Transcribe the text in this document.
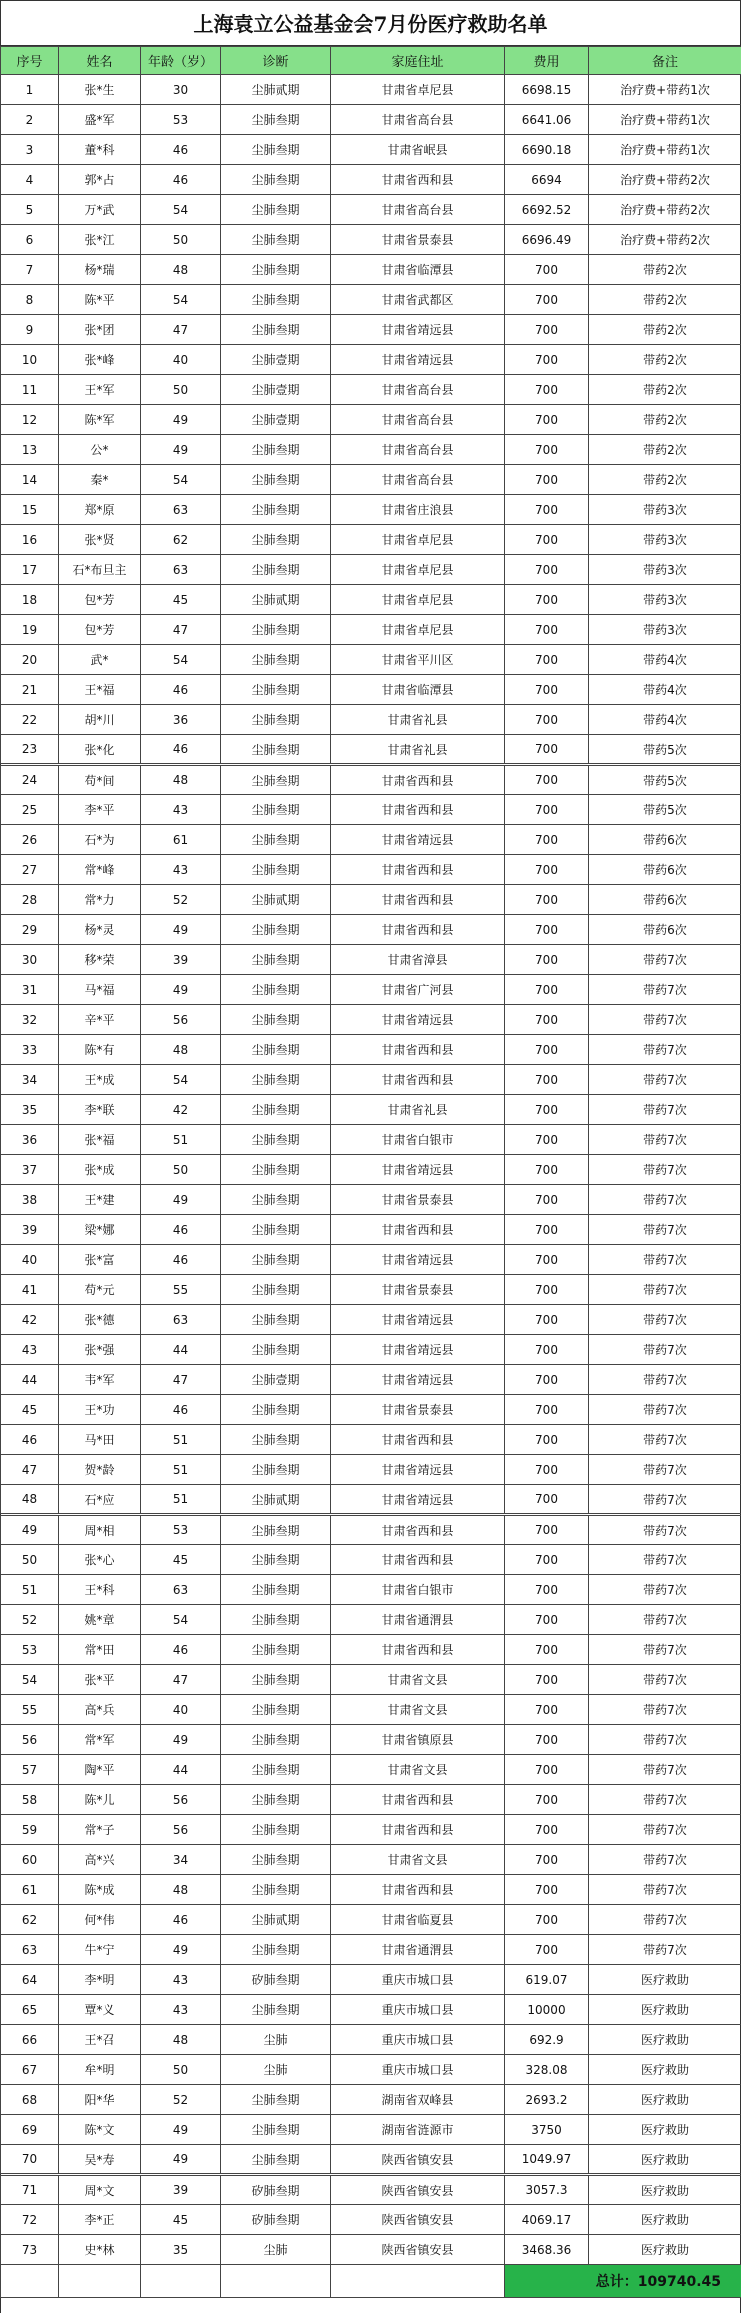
上海袁立公益基金会7月份医疗救助名单
序号	姓名	年龄（岁）	诊断	家庭住址	费用	备注
1	张*生	30	尘肺贰期	甘肃省卓尼县	6698.15	治疗费+带药1次
2	盛*军	53	尘肺叁期	甘肃省高台县	6641.06	治疗费+带药1次
3	董*科	46	尘肺叁期	甘肃省岷县	6690.18	治疗费+带药1次
4	郭*占	46	尘肺叁期	甘肃省西和县	6694	治疗费+带药2次
5	万*武	54	尘肺叁期	甘肃省高台县	6692.52	治疗费+带药2次
6	张*江	50	尘肺叁期	甘肃省景泰县	6696.49	治疗费+带药2次
7	杨*瑞	48	尘肺叁期	甘肃省临潭县	700	带药2次
8	陈*平	54	尘肺叁期	甘肃省武都区	700	带药2次
9	张*团	47	尘肺叁期	甘肃省靖远县	700	带药2次
10	张*峰	40	尘肺壹期	甘肃省靖远县	700	带药2次
11	王*军	50	尘肺壹期	甘肃省高台县	700	带药2次
12	陈*军	49	尘肺壹期	甘肃省高台县	700	带药2次
13	公*	49	尘肺叁期	甘肃省高台县	700	带药2次
14	秦*	54	尘肺叁期	甘肃省高台县	700	带药2次
15	郑*原	63	尘肺叁期	甘肃省庄浪县	700	带药3次
16	张*贤	62	尘肺叁期	甘肃省卓尼县	700	带药3次
17	石*布旦主	63	尘肺叁期	甘肃省卓尼县	700	带药3次
18	包*芳	45	尘肺贰期	甘肃省卓尼县	700	带药3次
19	包*芳	47	尘肺叁期	甘肃省卓尼县	700	带药3次
20	武*	54	尘肺叁期	甘肃省平川区	700	带药4次
21	王*福	46	尘肺叁期	甘肃省临潭县	700	带药4次
22	胡*川	36	尘肺叁期	甘肃省礼县	700	带药4次
23	张*化	46	尘肺叁期	甘肃省礼县	700	带药5次
24	苟*间	48	尘肺叁期	甘肃省西和县	700	带药5次
25	李*平	43	尘肺叁期	甘肃省西和县	700	带药5次
26	石*为	61	尘肺叁期	甘肃省靖远县	700	带药6次
27	常*峰	43	尘肺叁期	甘肃省西和县	700	带药6次
28	常*力	52	尘肺贰期	甘肃省西和县	700	带药6次
29	杨*灵	49	尘肺叁期	甘肃省西和县	700	带药6次
30	移*荣	39	尘肺叁期	甘肃省漳县	700	带药7次
31	马*福	49	尘肺叁期	甘肃省广河县	700	带药7次
32	辛*平	56	尘肺叁期	甘肃省靖远县	700	带药7次
33	陈*有	48	尘肺叁期	甘肃省西和县	700	带药7次
34	王*成	54	尘肺叁期	甘肃省西和县	700	带药7次
35	李*联	42	尘肺叁期	甘肃省礼县	700	带药7次
36	张*福	51	尘肺叁期	甘肃省白银市	700	带药7次
37	张*成	50	尘肺叁期	甘肃省靖远县	700	带药7次
38	王*建	49	尘肺叁期	甘肃省景泰县	700	带药7次
39	梁*娜	46	尘肺叁期	甘肃省西和县	700	带药7次
40	张*富	46	尘肺叁期	甘肃省靖远县	700	带药7次
41	苟*元	55	尘肺叁期	甘肃省景泰县	700	带药7次
42	张*德	63	尘肺叁期	甘肃省靖远县	700	带药7次
43	张*强	44	尘肺叁期	甘肃省靖远县	700	带药7次
44	韦*军	47	尘肺壹期	甘肃省靖远县	700	带药7次
45	王*功	46	尘肺叁期	甘肃省景泰县	700	带药7次
46	马*田	51	尘肺叁期	甘肃省西和县	700	带药7次
47	贺*龄	51	尘肺叁期	甘肃省靖远县	700	带药7次
48	石*应	51	尘肺贰期	甘肃省靖远县	700	带药7次
49	周*相	53	尘肺叁期	甘肃省西和县	700	带药7次
50	张*心	45	尘肺叁期	甘肃省西和县	700	带药7次
51	王*科	63	尘肺叁期	甘肃省白银市	700	带药7次
52	姚*章	54	尘肺叁期	甘肃省通渭县	700	带药7次
53	常*田	46	尘肺叁期	甘肃省西和县	700	带药7次
54	张*平	47	尘肺叁期	甘肃省文县	700	带药7次
55	高*兵	40	尘肺叁期	甘肃省文县	700	带药7次
56	常*军	49	尘肺叁期	甘肃省镇原县	700	带药7次
57	陶*平	44	尘肺叁期	甘肃省文县	700	带药7次
58	陈*儿	56	尘肺叁期	甘肃省西和县	700	带药7次
59	常*子	56	尘肺叁期	甘肃省西和县	700	带药7次
60	高*兴	34	尘肺叁期	甘肃省文县	700	带药7次
61	陈*成	48	尘肺叁期	甘肃省西和县	700	带药7次
62	何*伟	46	尘肺贰期	甘肃省临夏县	700	带药7次
63	牛*宁	49	尘肺叁期	甘肃省通渭县	700	带药7次
64	李*明	43	矽肺叁期	重庆市城口县	619.07	医疗救助
65	覃*义	43	尘肺叁期	重庆市城口县	10000	医疗救助
66	王*召	48	尘肺	重庆市城口县	692.9	医疗救助
67	牟*明	50	尘肺	重庆市城口县	328.08	医疗救助
68	阳*华	52	尘肺叁期	湖南省双峰县	2693.2	医疗救助
69	陈*文	49	尘肺叁期	湖南省涟源市	3750	医疗救助
70	吴*寿	49	尘肺叁期	陕西省镇安县	1049.97	医疗救助
71	周*文	39	矽肺叁期	陕西省镇安县	3057.3	医疗救助
72	李*正	45	矽肺叁期	陕西省镇安县	4069.17	医疗救助
73	史*林	35	尘肺	陕西省镇安县	3468.36	医疗救助
					总计：109740.45	
